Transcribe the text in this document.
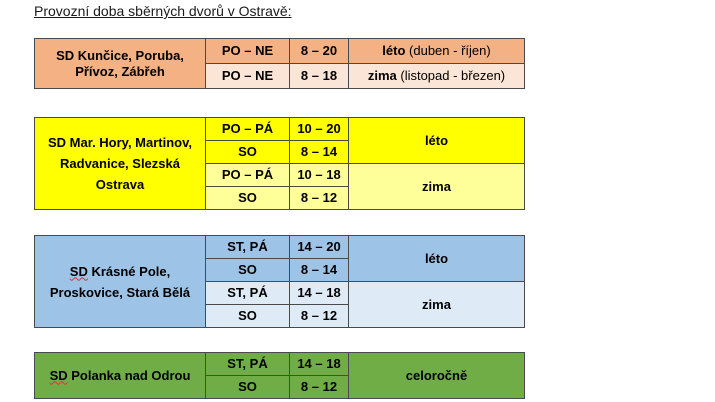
Provozní doba sběrných dvorů v Ostravě:
SD Kunčice, Poruba, Přívoz, Zábřeh	PO – NE	8 – 20	léto (duben - říjen)
	PO – NE	8 – 18	zima (listopad - březen)
SD Mar. Hory, Martinov, Radvanice, Slezská Ostrava	PO – PÁ	10 – 20	léto
	SO	8 – 14	
	PO – PÁ	10 – 18	zima
	SO	8 – 12	
SD Krásné Pole, Proskovice, Stará Bělá	ST, PÁ	14 – 20	léto
	SO	8 – 14	
	ST, PÁ	14 – 18	zima
	SO	8 – 12	
SD Polanka nad Odrou	ST, PÁ	14 – 18	celoročně
	SO	8 – 12	
